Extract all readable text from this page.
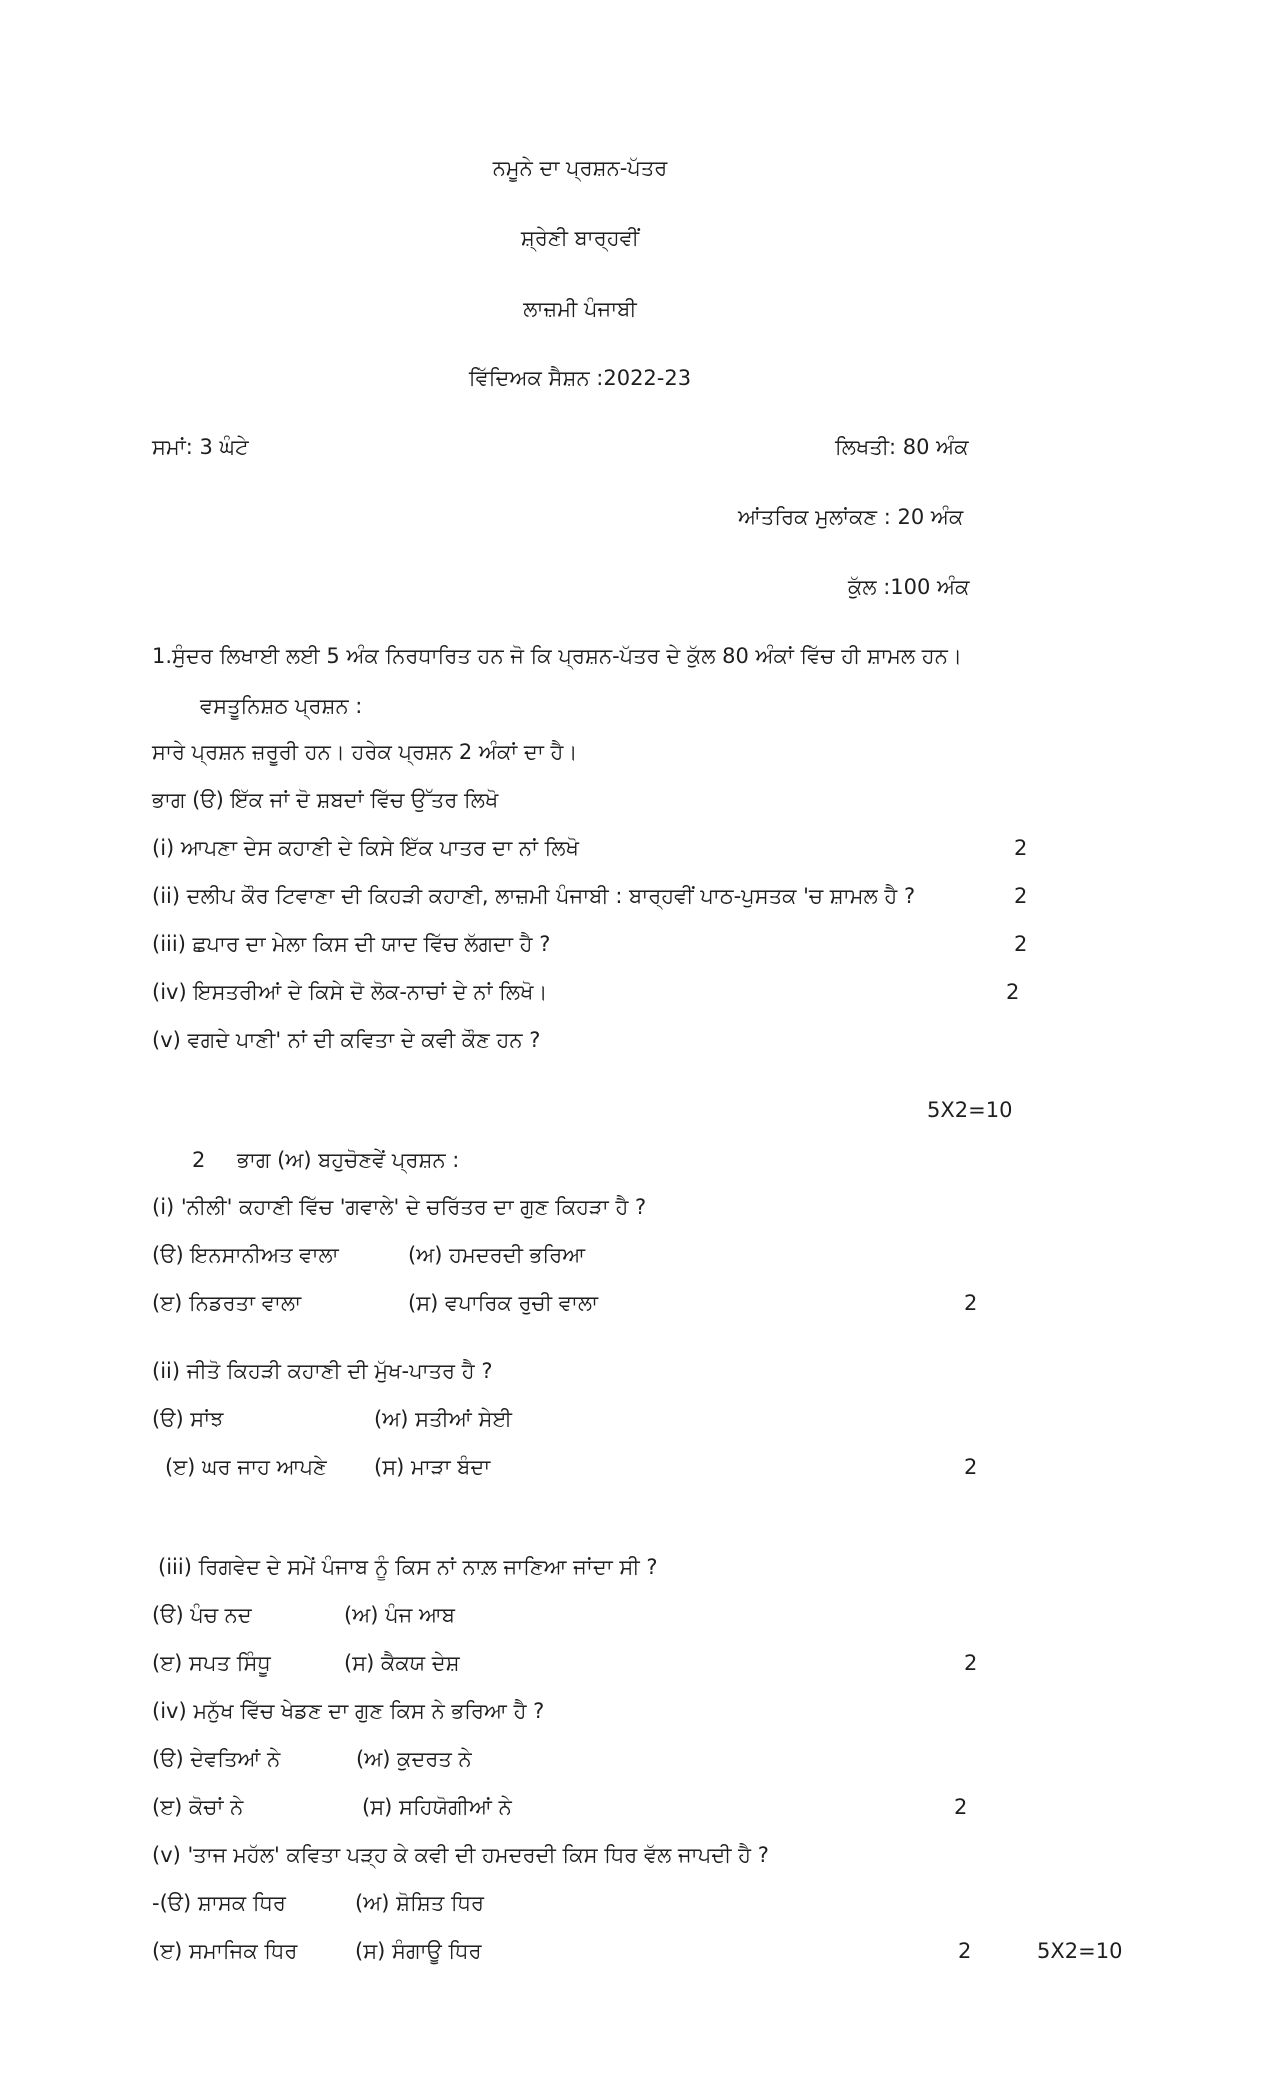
ਨਮੂਨੇ ਦਾ ਪ੍ਰਸ਼ਨ-ਪੱਤਰ
ਸ਼੍ਰੇਣੀ ਬਾਰ੍ਹਵੀਂ
ਲਾਜ਼ਮੀ ਪੰਜਾਬੀ
ਵਿੱਦਿਅਕ ਸੈਸ਼ਨ :2022-23
ਸਮਾਂ: 3 ਘੰਟੇ	ਲਿਖਤੀ: 80 ਅੰਕ
ਆਂਤਰਿਕ ਮੁਲਾਂਕਣ : 20 ਅੰਕ
ਕੁੱਲ :100 ਅੰਕ
1.ਸੁੰਦਰ ਲਿਖਾਈ ਲਈ 5 ਅੰਕ ਨਿਰਧਾਰਿਤ ਹਨ ਜੋ ਕਿ ਪ੍ਰਸ਼ਨ-ਪੱਤਰ ਦੇ ਕੁੱਲ 80 ਅੰਕਾਂ ਵਿੱਚ ਹੀ ਸ਼ਾਮਲ ਹਨ।
ਵਸਤੂਨਿਸ਼ਠ ਪ੍ਰਸ਼ਨ :
ਸਾਰੇ ਪ੍ਰਸ਼ਨ ਜ਼ਰੂਰੀ ਹਨ। ਹਰੇਕ ਪ੍ਰਸ਼ਨ 2 ਅੰਕਾਂ ਦਾ ਹੈ।
ਭਾਗ (ੳ) ਇੱਕ ਜਾਂ ਦੋ ਸ਼ਬਦਾਂ ਵਿੱਚ ਉੱਤਰ ਲਿਖੋ
(i) ਆਪਣਾ ਦੇਸ ਕਹਾਣੀ ਦੇ ਕਿਸੇ ਇੱਕ ਪਾਤਰ ਦਾ ਨਾਂ ਲਿਖੋ	2
(ii) ਦਲੀਪ ਕੌਰ ਟਿਵਾਣਾ ਦੀ ਕਿਹੜੀ ਕਹਾਣੀ, ਲਾਜ਼ਮੀ ਪੰਜਾਬੀ : ਬਾਰ੍ਹਵੀਂ ਪਾਠ-ਪੁਸਤਕ 'ਚ ਸ਼ਾਮਲ ਹੈ ?	2
(iii) ਛਪਾਰ ਦਾ ਮੇਲਾ ਕਿਸ ਦੀ ਯਾਦ ਵਿੱਚ ਲੱਗਦਾ ਹੈ ?	2
(iv) ਇਸਤਰੀਆਂ ਦੇ ਕਿਸੇ ਦੋ ਲੋਕ-ਨਾਚਾਂ ਦੇ ਨਾਂ ਲਿਖੋ।	2
(v) ਵਗਦੇ ਪਾਣੀ' ਨਾਂ ਦੀ ਕਵਿਤਾ ਦੇ ਕਵੀ ਕੌਣ ਹਨ ?
5X2=10
2 ਭਾਗ (ਅ) ਬਹੁਚੋਣਵੇਂ ਪ੍ਰਸ਼ਨ :
(i) 'ਨੀਲੀ' ਕਹਾਣੀ ਵਿੱਚ 'ਗਵਾਲੇ' ਦੇ ਚਰਿੱਤਰ ਦਾ ਗੁਣ ਕਿਹੜਾ ਹੈ ?
(ੳ) ਇਨਸਾਨੀਅਤ ਵਾਲਾ	(ਅ) ਹਮਦਰਦੀ ਭਰਿਆ
(ੲ) ਨਿਡਰਤਾ ਵਾਲਾ	(ਸ) ਵਪਾਰਿਕ ਰੁਚੀ ਵਾਲਾ	2
(ii) ਜੀਤੋ ਕਿਹੜੀ ਕਹਾਣੀ ਦੀ ਮੁੱਖ-ਪਾਤਰ ਹੈ ?
(ੳ) ਸਾਂਝ	(ਅ) ਸਤੀਆਂ ਸੇਈ
(ੲ) ਘਰ ਜਾਹ ਆਪਣੇ (ਸ) ਮਾੜਾ ਬੰਦਾ	2
(iii) ਰਿਗਵੇਦ ਦੇ ਸਮੇਂ ਪੰਜਾਬ ਨੂੰ ਕਿਸ ਨਾਂ ਨਾਲ਼ ਜਾਣਿਆ ਜਾਂਦਾ ਸੀ ?
(ੳ) ਪੰਚ ਨਦ	(ਅ) ਪੰਜ ਆਬ
(ੲ) ਸਪਤ ਸਿੰਧੂ	(ਸ) ਕੈਕਯ ਦੇਸ਼	2
(iv) ਮਨੁੱਖ ਵਿੱਚ ਖੇਡਣ ਦਾ ਗੁਣ ਕਿਸ ਨੇ ਭਰਿਆ ਹੈ ?
(ੳ) ਦੇਵਤਿਆਂ ਨੇ	(ਅ) ਕੁਦਰਤ ਨੇ
(ੲ) ਕੋਚਾਂ ਨੇ	(ਸ) ਸਹਿਯੋਗੀਆਂ ਨੇ	2
(v) 'ਤਾਜ ਮਹੱਲ' ਕਵਿਤਾ ਪੜ੍ਹ ਕੇ ਕਵੀ ਦੀ ਹਮਦਰਦੀ ਕਿਸ ਧਿਰ ਵੱਲ ਜਾਪਦੀ ਹੈ ?
-(ੳ) ਸ਼ਾਸਕ ਧਿਰ	(ਅ) ਸ਼ੋਸ਼ਿਤ ਧਿਰ
(ੲ) ਸਮਾਜਿਕ ਧਿਰ	(ਸ) ਸੰਗਾਊ ਧਿਰ	2	5X2=10
